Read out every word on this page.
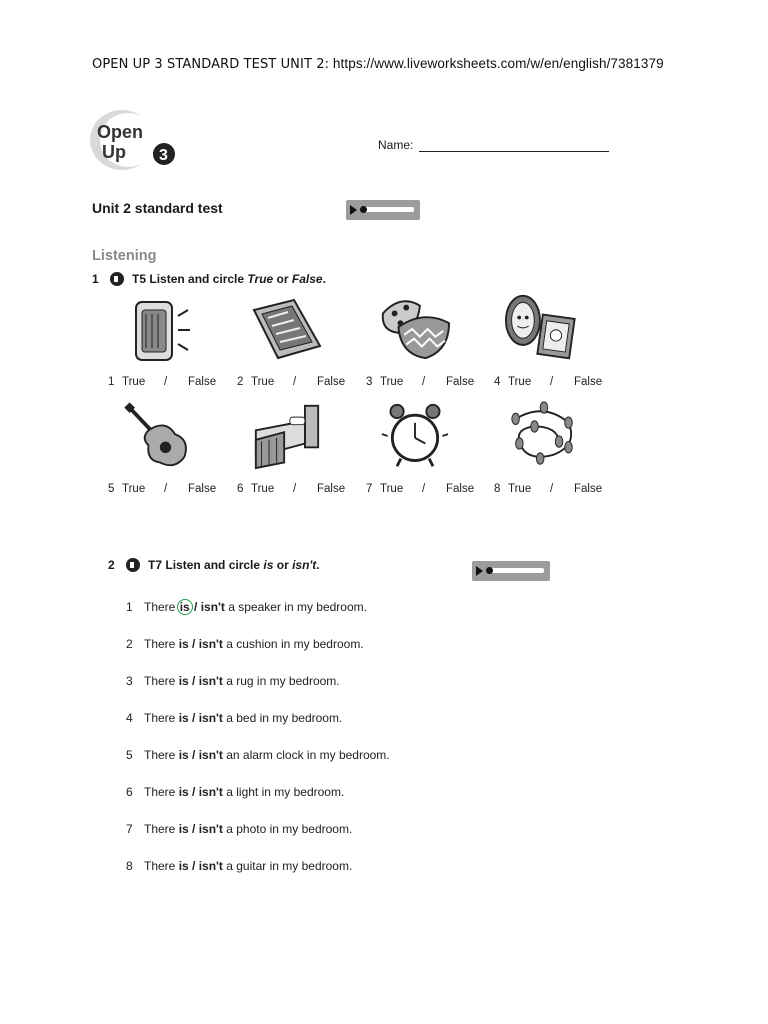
OPEN UP 3 STANDARD TEST UNIT 2: https://www.liveworksheets.com/w/en/english/7381379
Open
Up 3
Name:
Unit 2 standard test
Listening
1	T5 Listen and circle True or False.
1 True / False 2 True / False 3 True / False 4 True / False
5 True / False 6 True / False 7 True / False 8 True / False
2	T7 Listen and circle is or isn't.
1 There is / isn't a speaker in my bedroom.
2 There is / isn't a cushion in my bedroom.
3 There is / isn't a rug in my bedroom.
4 There is / isn't a bed in my bedroom.
5 There is / isn't an alarm clock in my bedroom.
6 There is / isn't a light in my bedroom.
7 There is / isn't a photo in my bedroom.
8 There is / isn't a guitar in my bedroom.
